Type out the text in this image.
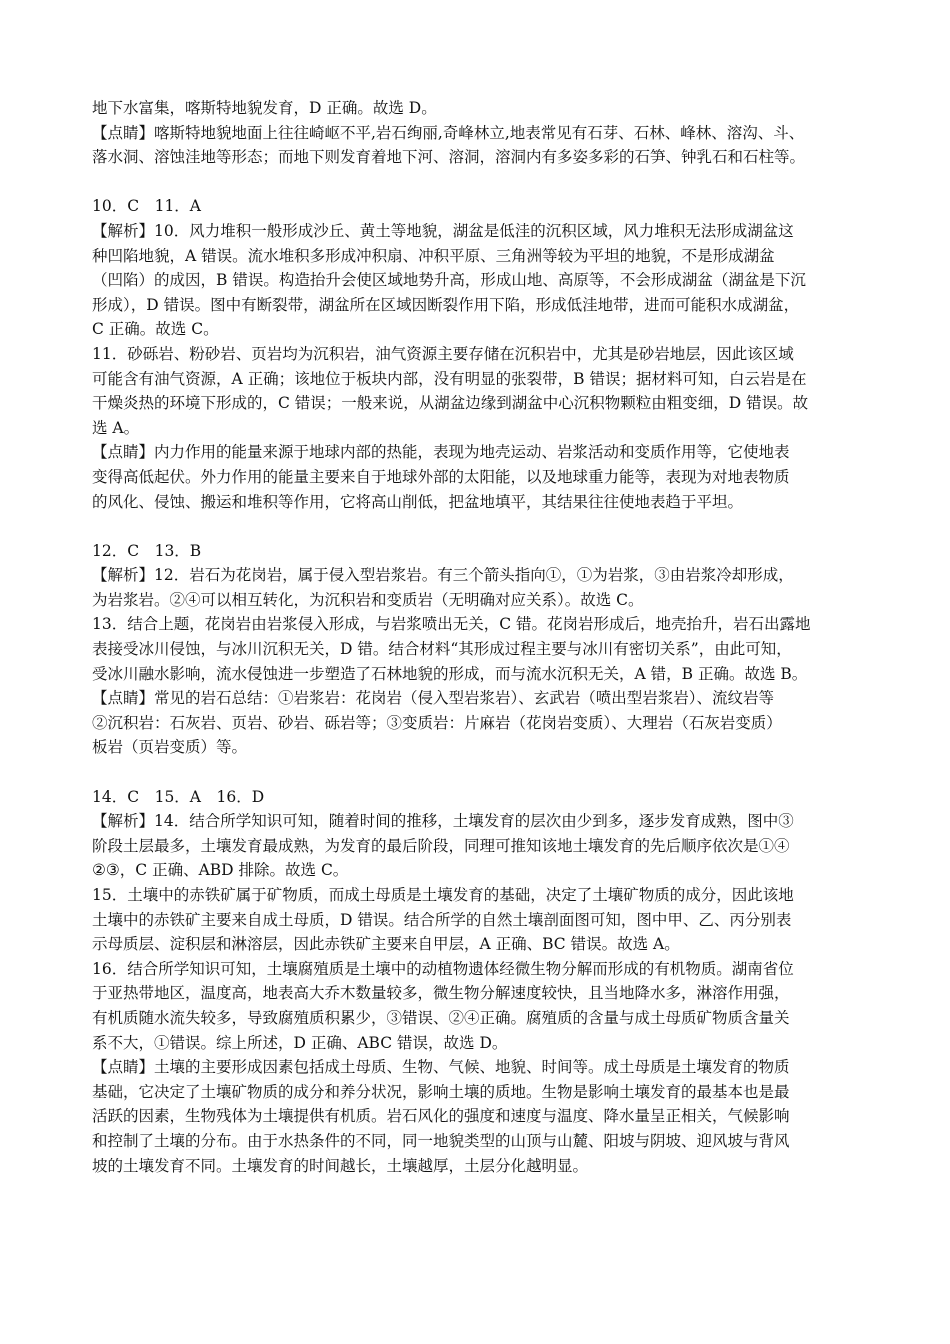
地下水富集，喀斯特地貌发育，D 正确。故选 D。
【点睛】喀斯特地貌地面上往往崎岖不平,岩石绚丽,奇峰林立,地表常见有石芽、石林、峰林、溶沟、斗、
落水洞、溶蚀洼地等形态；而地下则发育着地下河、溶洞，溶洞内有多姿多彩的石笋、钟乳石和石柱等。
10．C　11．A
【解析】10．风力堆积一般形成沙丘、黄土等地貌，湖盆是低洼的沉积区域，风力堆积无法形成湖盆这
种凹陷地貌，A 错误。流水堆积多形成冲积扇、冲积平原、三角洲等较为平坦的地貌，不是形成湖盆
（凹陷）的成因，B 错误。构造抬升会使区域地势升高，形成山地、高原等，不会形成湖盆（湖盆是下沉
形成），D 错误。图中有断裂带，湖盆所在区域因断裂作用下陷，形成低洼地带，进而可能积水成湖盆，
C 正确。故选 C。
11．砂砾岩、粉砂岩、页岩均为沉积岩，油气资源主要存储在沉积岩中，尤其是砂岩地层，因此该区域
可能含有油气资源，A 正确；该地位于板块内部，没有明显的张裂带，B 错误；据材料可知，白云岩是在
干燥炎热的环境下形成的，C 错误；一般来说，从湖盆边缘到湖盆中心沉积物颗粒由粗变细，D 错误。故
选 A。
【点睛】内力作用的能量来源于地球内部的热能，表现为地壳运动、岩浆活动和变质作用等，它使地表
变得高低起伏。外力作用的能量主要来自于地球外部的太阳能，以及地球重力能等，表现为对地表物质
的风化、侵蚀、搬运和堆积等作用，它将高山削低，把盆地填平，其结果往往使地表趋于平坦。
12．C　13．B
【解析】12．岩石为花岗岩，属于侵入型岩浆岩。有三个箭头指向①，①为岩浆，③由岩浆冷却形成，
为岩浆岩。②④可以相互转化，为沉积岩和变质岩（无明确对应关系）。故选 C。
13．结合上题，花岗岩由岩浆侵入形成，与岩浆喷出无关，C 错。花岗岩形成后，地壳抬升，岩石出露地
表接受冰川侵蚀，与冰川沉积无关，D 错。结合材料“其形成过程主要与冰川有密切关系”，由此可知，
受冰川融水影响，流水侵蚀进一步塑造了石林地貌的形成，而与流水沉积无关，A 错，B 正确。故选 B。
【点睛】常见的岩石总结：①岩浆岩：花岗岩（侵入型岩浆岩）、玄武岩（喷出型岩浆岩）、流纹岩等
②沉积岩：石灰岩、页岩、砂岩、砾岩等；③变质岩：片麻岩（花岗岩变质）、大理岩（石灰岩变质）
板岩（页岩变质）等。
14．C　15．A　16．D
【解析】14．结合所学知识可知，随着时间的推移，土壤发育的层次由少到多，逐步发育成熟，图中③
阶段土层最多，土壤发育最成熟，为发育的最后阶段，同理可推知该地土壤发育的先后顺序依次是①④
②③，C 正确、ABD 排除。故选 C。
15．土壤中的赤铁矿属于矿物质，而成土母质是土壤发育的基础，决定了土壤矿物质的成分，因此该地
土壤中的赤铁矿主要来自成土母质，D 错误。结合所学的自然土壤剖面图可知，图中甲、乙、丙分别表
示母质层、淀积层和淋溶层，因此赤铁矿主要来自甲层，A 正确、BC 错误。故选 A。
16．结合所学知识可知，土壤腐殖质是土壤中的动植物遗体经微生物分解而形成的有机物质。湖南省位
于亚热带地区，温度高，地表高大乔木数量较多，微生物分解速度较快，且当地降水多，淋溶作用强，
有机质随水流失较多，导致腐殖质积累少，③错误、②④正确。腐殖质的含量与成土母质矿物质含量关
系不大，①错误。综上所述，D 正确、ABC 错误，故选 D。
【点睛】土壤的主要形成因素包括成土母质、生物、气候、地貌、时间等。成土母质是土壤发育的物质
基础，它决定了土壤矿物质的成分和养分状况，影响土壤的质地。生物是影响土壤发育的最基本也是最
活跃的因素，生物残体为土壤提供有机质。岩石风化的强度和速度与温度、降水量呈正相关，气候影响
和控制了土壤的分布。由于水热条件的不同，同一地貌类型的山顶与山麓、阳坡与阴坡、迎风坡与背风
坡的土壤发育不同。土壤发育的时间越长，土壤越厚，土层分化越明显。
